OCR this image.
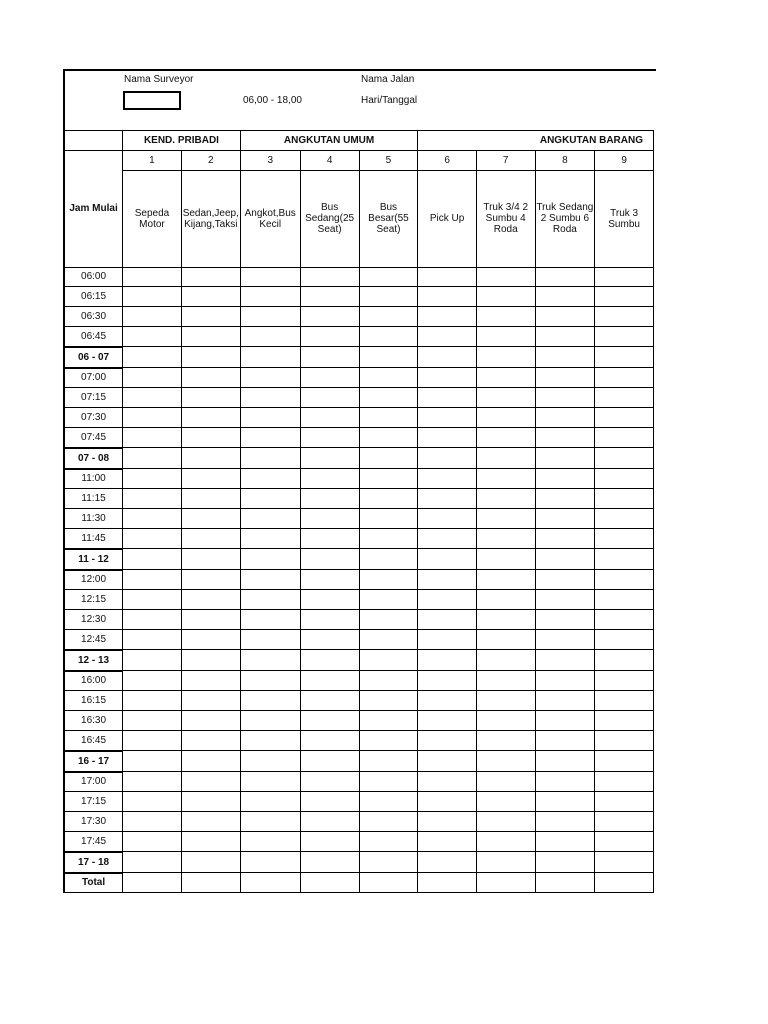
Nama Surveyor
06,00 - 18,00
Nama Jalan
Hari/Tanggal
	KEND. PRIBADI		ANGKUTAN UMUM			ANGKUTAN BARANG			
Jam Mulai	1	2	3	4	5	6	7	8	9
	Sepeda Motor	Sedan,Jeep, Kijang,Taksi	Angkot,Bus Kecil	Bus Sedang(25 Seat)	Bus Besar(55 Seat)	Pick Up	Truk 3/4 2 Sumbu 4 Roda	Truk Sedang 2 Sumbu 6 Roda	Truk 3 Sumbu
06:00									
06:15									
06:30									
06:45									
06 - 07									
07:00									
07:15									
07:30									
07:45									
07 - 08									
11:00									
11:15									
11:30									
11:45									
11 - 12									
12:00									
12:15									
12:30									
12:45									
12 - 13									
16:00									
16:15									
16:30									
16:45									
16 - 17									
17:00									
17:15									
17:30									
17:45									
17 - 18									
Total									
